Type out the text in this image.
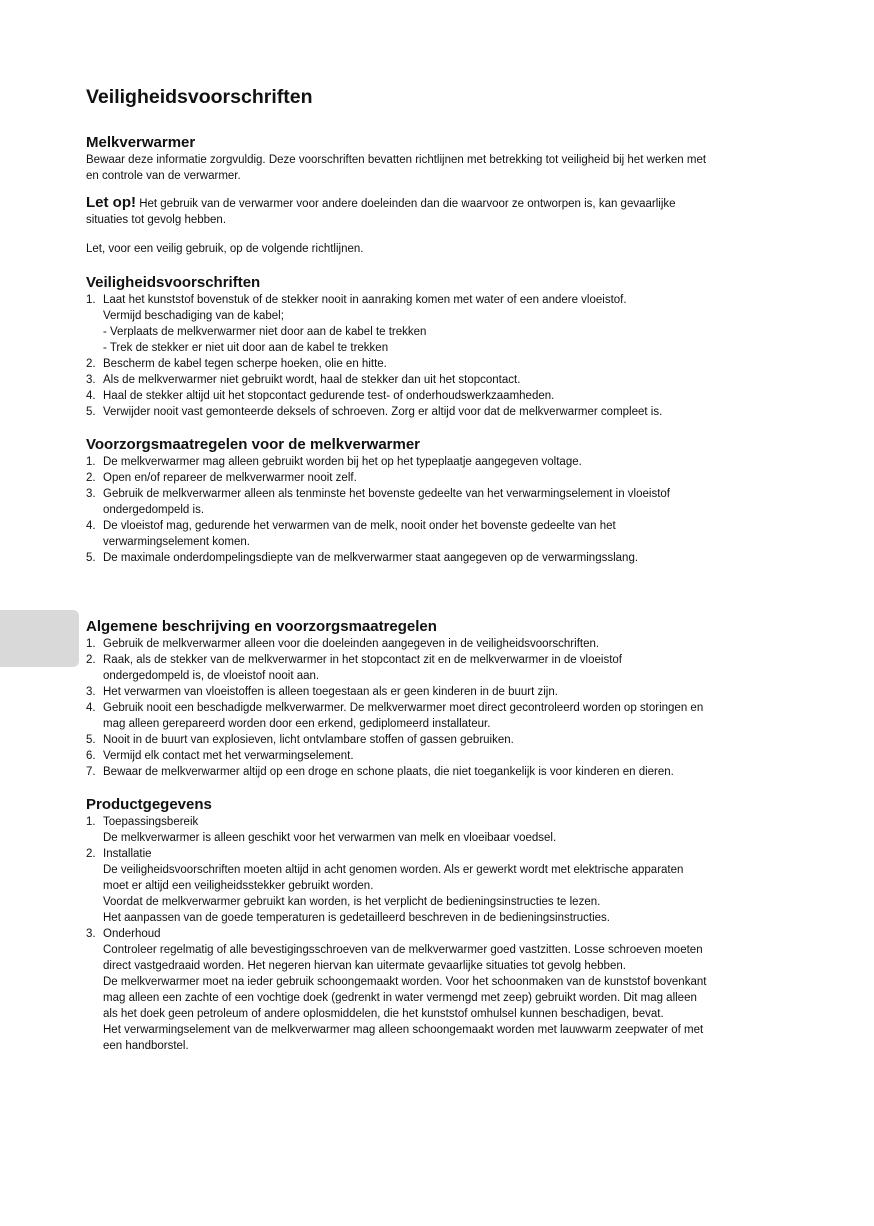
Veiligheidsvoorschriften
Melkverwarmer

Bewaar deze informatie zorgvuldig. Deze voorschriften bevatten richtlijnen met betrekking tot veiligheid bij het werken met
en controle van de verwarmer.

Let op! Het gebruik van de verwarmer voor andere doeleinden dan die waarvoor ze ontworpen is, kan gevaarlijke
situaties tot gevolg hebben.

Let, voor een veilig gebruik, op de volgende richtlijnen.

Veiligheidsvoorschriften
1. Laat het kunststof bovenstuk of de stekker nooit in aanraking komen met water of een andere vloeistof.
Vermijd beschadiging van de kabel;
- Verplaats de melkverwarmer niet door aan de kabel te trekken
- Trek de stekker er niet uit door aan de kabel te trekken
2. Bescherm de kabel tegen scherpe hoeken, olie en hitte.
3. Als de melkverwarmer niet gebruikt wordt, haal de stekker dan uit het stopcontact.
4. Haal de stekker altijd uit het stopcontact gedurende test- of onderhoudswerkzaamheden.
5. Verwijder nooit vast gemonteerde deksels of schroeven. Zorg er altijd voor dat de melkverwarmer compleet is.
Voorzorgsmaatregelen voor de melkverwarmer
1. De melkverwarmer mag alleen gebruikt worden bij het op het typeplaatje aangegeven voltage.
2. Open en/of repareer de melkverwarmer nooit zelf.
3. Gebruik de melkverwarmer alleen als tenminste het bovenste gedeelte van het verwarmingselement in vloeistof
ondergedompeld is.
4. De vloeistof mag, gedurende het verwarmen van de melk, nooit onder het bovenste gedeelte van het
verwarmingselement komen.
5. De maximale onderdompelingsdiepte van de melkverwarmer staat aangegeven op de verwarmingsslang.
Algemene beschrijving en voorzorgsmaatregelen
1. Gebruik de melkverwarmer alleen voor die doeleinden aangegeven in de veiligheidsvoorschriften.
2. Raak, als de stekker van de melkverwarmer in het stopcontact zit en de melkverwarmer in de vloeistof
ondergedompeld is, de vloeistof nooit aan.
3. Het verwarmen van vloeistoffen is alleen toegestaan als er geen kinderen in de buurt zijn.
4. Gebruik nooit een beschadigde melkverwarmer. De melkverwarmer moet direct gecontroleerd worden op storingen en
mag alleen gerepareerd worden door een erkend, gediplomeerd installateur.
5. Nooit in de buurt van explosieven, licht ontvlambare stoffen of gassen gebruiken.
6. Vermijd elk contact met het verwarmingselement.
7. Bewaar de melkverwarmer altijd op een droge en schone plaats, die niet toegankelijk is voor kinderen en dieren.
Productgegevens
1. Toepassingsbereik
De melkverwarmer is alleen geschikt voor het verwarmen van melk en vloeibaar voedsel.
2. Installatie
De veiligheidsvoorschriften moeten altijd in acht genomen worden. Als er gewerkt wordt met elektrische apparaten
moet er altijd een veiligheidsstekker gebruikt worden.
Voordat de melkverwarmer gebruikt kan worden, is het verplicht de bedieningsinstructies te lezen.
Het aanpassen van de goede temperaturen is gedetailleerd beschreven in de bedieningsinstructies.
3. Onderhoud
Controleer regelmatig of alle bevestigingsschroeven van de melkverwarmer goed vastzitten. Losse schroeven moeten
direct vastgedraaid worden. Het negeren hiervan kan uitermate gevaarlijke situaties tot gevolg hebben.
De melkverwarmer moet na ieder gebruik schoongemaakt worden. Voor het schoonmaken van de kunststof bovenkant
mag alleen een zachte of een vochtige doek (gedrenkt in water vermengd met zeep) gebruikt worden. Dit mag alleen
als het doek geen petroleum of andere oplosmiddelen, die het kunststof omhulsel kunnen beschadigen, bevat.
Het verwarmingselement van de melkverwarmer mag alleen schoongemaakt worden met lauwwarm zeepwater of met
een handborstel.
